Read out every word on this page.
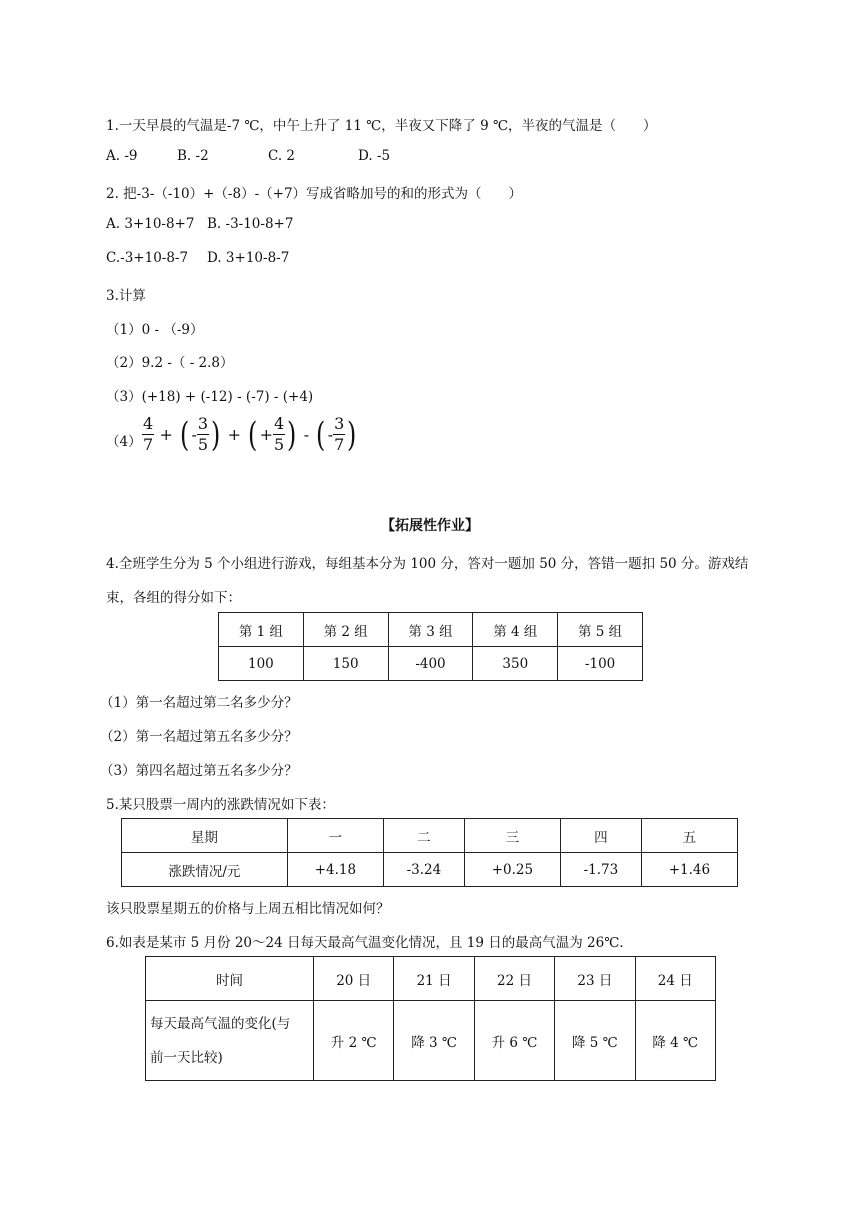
1.一天早晨的气温是-7 ℃，中午上升了 11 ℃，半夜又下降了 9 ℃，半夜的气温是（　　）
A. -9	B. -2	C. 2	D. -5
2. 把-3-（-10）+（-8）-（+7）写成省略加号的和的形式为（　　）
A. 3+10-8+7 B. -3-10-8+7
C.-3+10-8-7 D. 3+10-8-7
3.计算
（1）0 - （-9）
（2）9.2 -（ - 2.8）
（3）(+18) + (-12) - (-7) - (+4)
$(4) \frac{4}{7}$ + ( - $\frac{3}{5}$ ) + ( + $\frac{4}{5}$ ) - ( - $\frac{3}{7}$ )
【拓展性作业】
4.全班学生分为 5 个小组进行游戏，每组基本分为 100 分，答对一题加 50 分，答错一题扣 50 分。游戏结
束，各组的得分如下：
第 1 组	第 2 组	第 3 组	第 4 组	第 5 组
100	150	-400	350	-100
（1）第一名超过第二名多少分？
（2）第一名超过第五名多少分？
（3）第四名超过第五名多少分？
5.某只股票一周内的涨跌情况如下表：
星期	一	二	三	四	五
涨跌情况/元	+4.18	-3.24	+0.25	-1.73	+1.46
该只股票星期五的价格与上周五相比情况如何？
6.如表是某市 5 月份 20～24 日每天最高气温变化情况，且 19 日的最高气温为 26℃．
时间	20 日	21 日	22 日	23 日	24 日

每天最高气温的变化(与
前一天比较)	升 2 ℃	降 3 ℃	升 6 ℃	降 5 ℃	降 4 ℃
